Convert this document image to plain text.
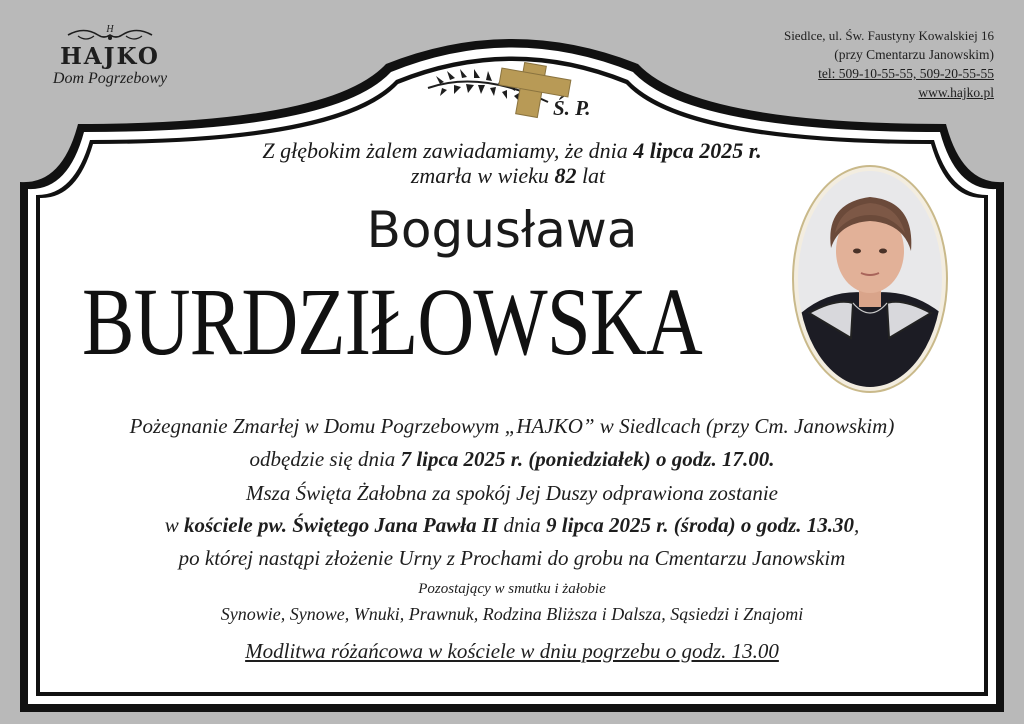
H
HAJKO
Dom Pogrzebowy
Siedlce, ul. Św. Faustyny Kowalskiej 16
(przy Cmentarzu Janowskim)
tel: 509-10-55-55, 509-20-55-55
www.hajko.pl
Ś. P.
Z głębokim żalem zawiadamiamy, że dnia 4 lipca 2025 r.
zmarła w wieku 82 lat
Bogusława
BURDZIŁOWSKA
Pożegnanie Zmarłej w Domu Pogrzebowym „HAJKO” w Siedlcach (przy Cm. Janowskim)
odbędzie się dnia 7 lipca 2025 r. (poniedziałek) o godz. 17.00.
Msza Święta Żałobna za spokój Jej Duszy odprawiona zostanie
w kościele pw. Świętego Jana Pawła II dnia 9 lipca 2025 r. (środa) o godz. 13.30,
po której nastąpi złożenie Urny z Prochami do grobu na Cmentarzu Janowskim
Pozostający w smutku i żałobie
Synowie, Synowe, Wnuki, Prawnuk, Rodzina Bliższa i Dalsza, Sąsiedzi i Znajomi
Modlitwa różańcowa w kościele w dniu pogrzebu o godz. 13.00
